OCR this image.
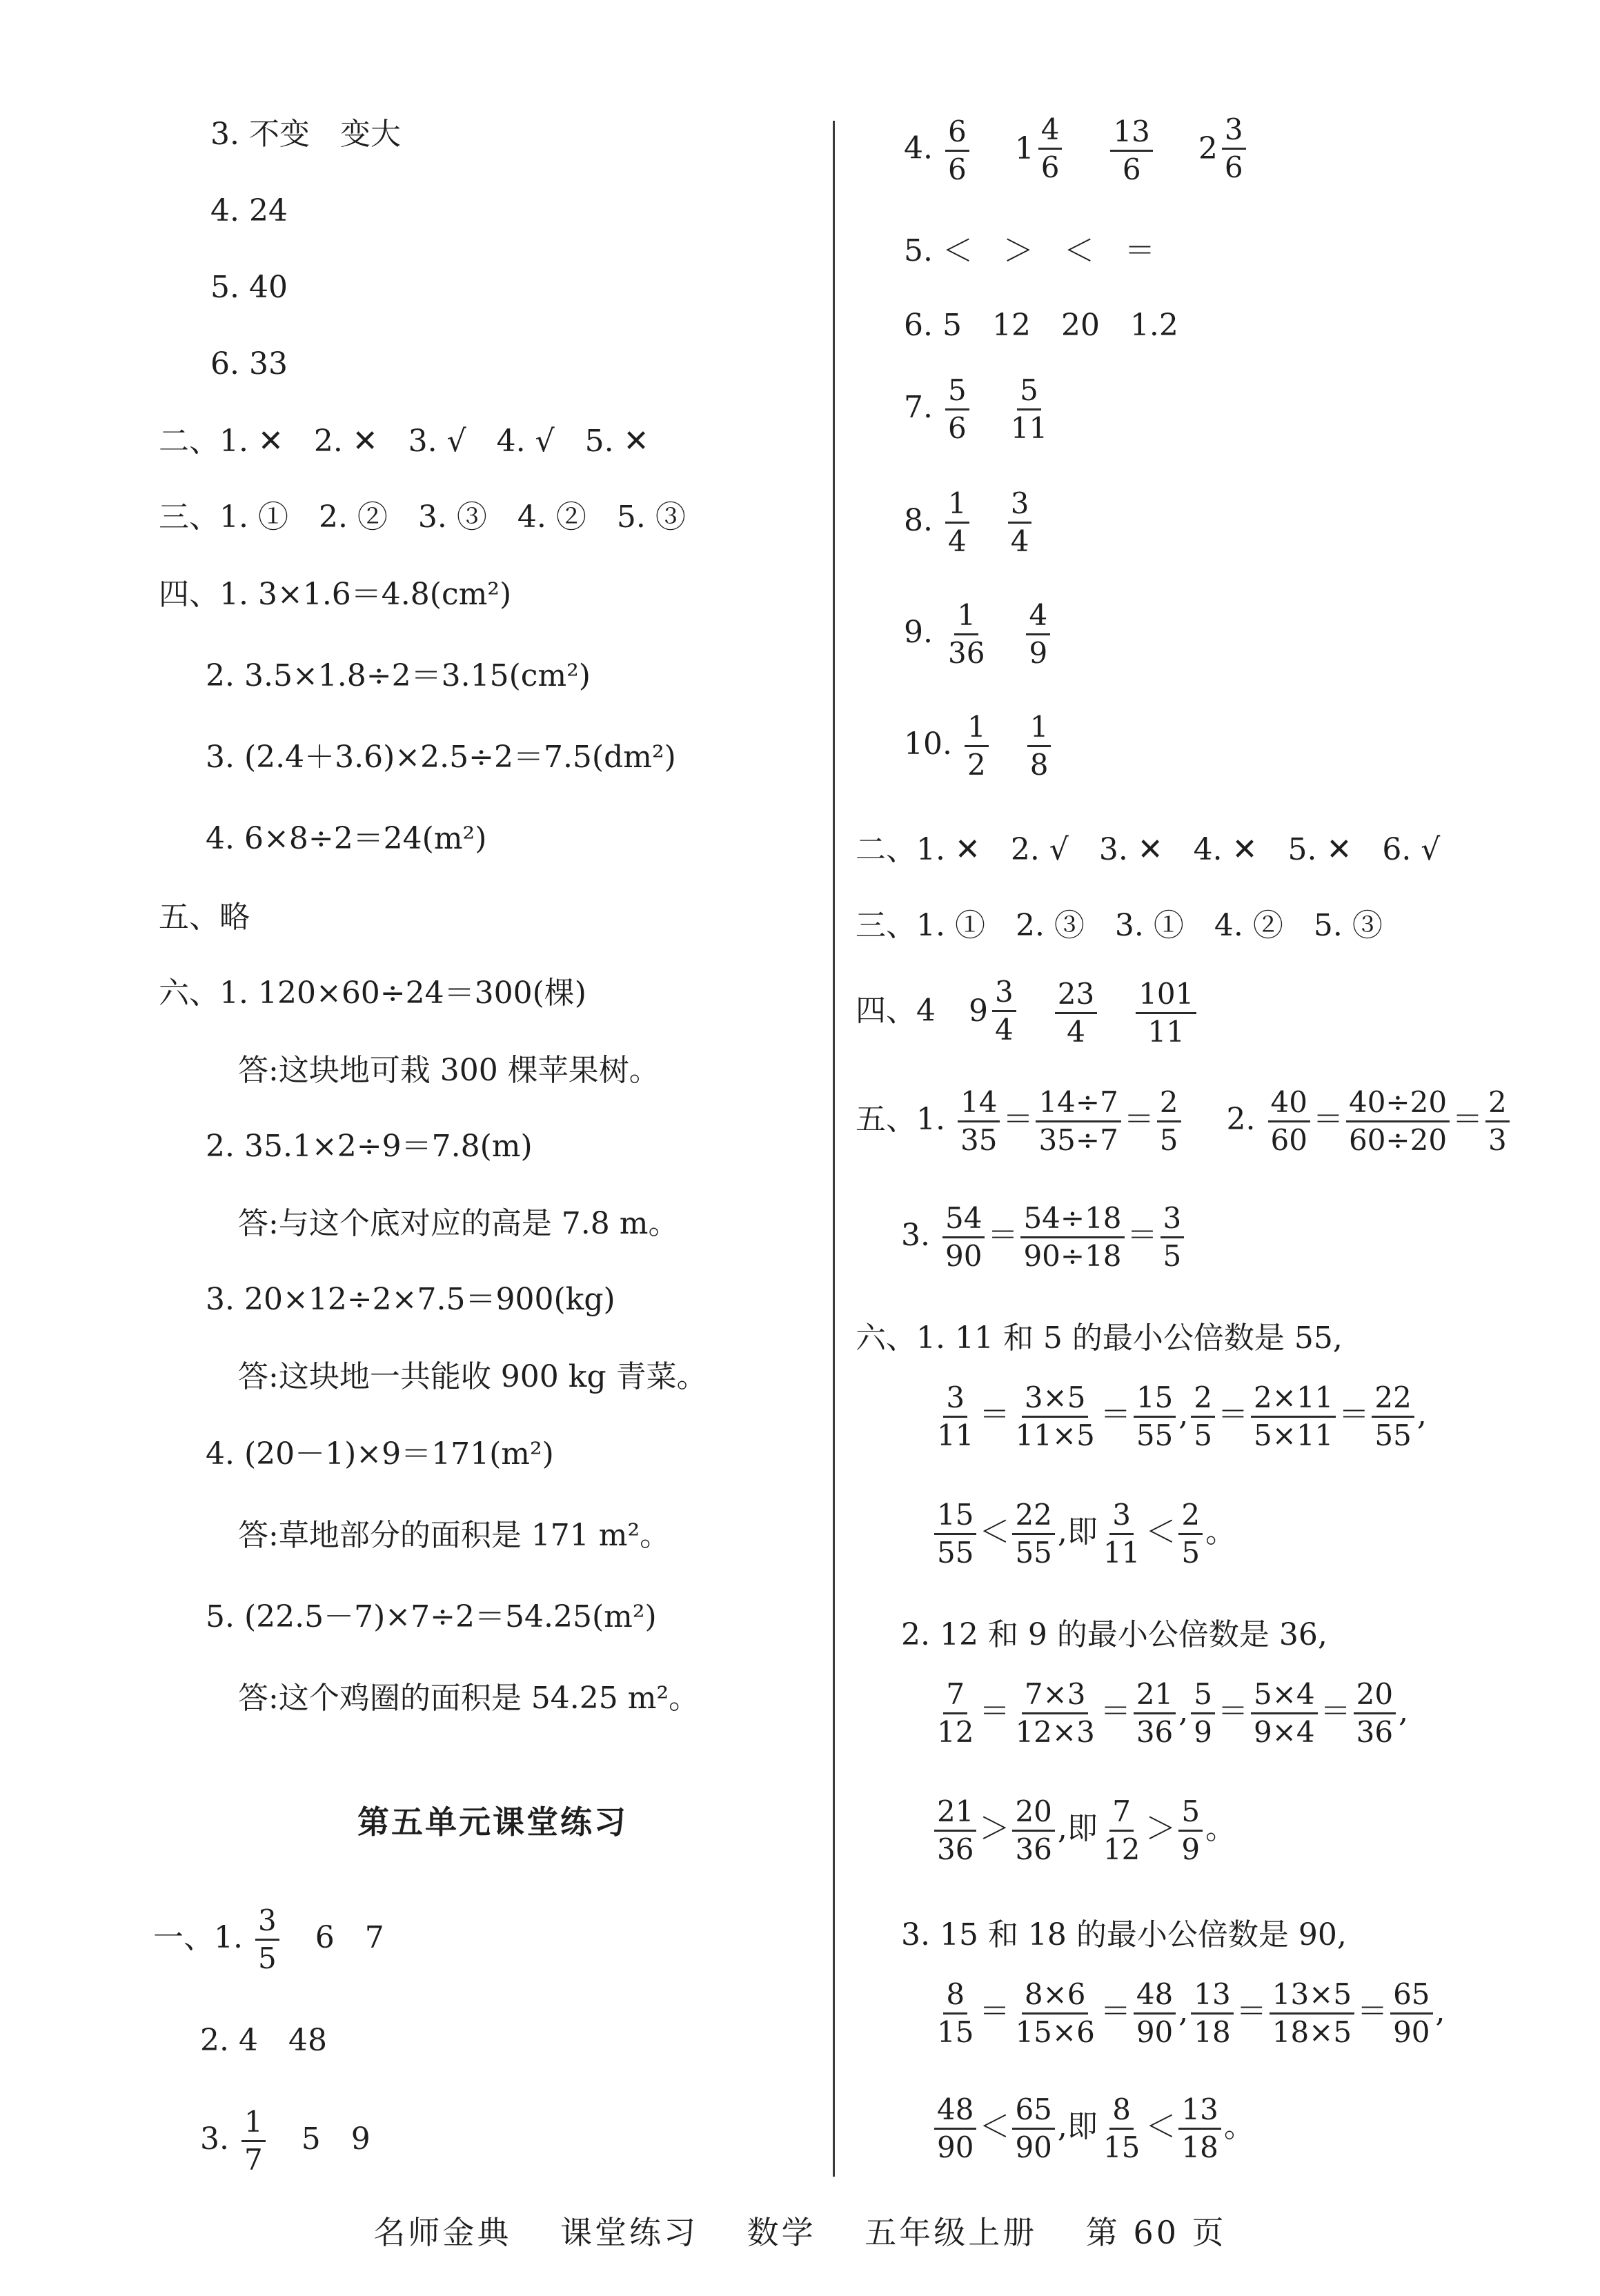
3. 不变　变大
4. 24
5. 40
6. 33
二、1. ✕　2. ✕　3. √　4. √　5. ✕
三、1. ①　2. ②　3. ③　4. ②　5. ③
四、1. 3×1.6＝4.8(cm²)
2. 3.5×1.8÷2＝3.15(cm²)
3. (2.4＋3.6)×2.5÷2＝7.5(dm²)
4. 6×8÷2＝24(m²)
五、略
六、1. 120×60÷24＝300(棵)
答:这块地可栽 300 棵苹果树。
2. 35.1×2÷9＝7.8(m)
答:与这个底对应的高是 7.8 m。
3. 20×12÷2×7.5＝900(kg)
答:这块地一共能收 900 kg 青菜。
4. (20－1)×9＝171(m²)
答:草地部分的面积是 171 m²。
5. (22.5－7)×7÷2＝54.25(m²)
答:这个鸡圈的面积是 54.25 m²。
第五单元课堂练习
一、1. $\frac{3}{5} 6$　7
2. 4　48
3. $\frac{1}{7} 5$　9
4. $\frac{6}{6}$
$1 \frac{4}{6}$
$\frac{13}{6}$
$2 \frac{3}{6}$
5. ＜　＞　＜　＝
6. 5　12　20　1.2
7. $\frac{5}{6}$
$\frac{5}{11}$
8. $\frac{1}{4}$
$\frac{3}{4}$
9. $\frac{1}{36}$
$\frac{4}{9}$
10. $\frac{1}{2}$
$\frac{1}{8}$
二、1. ✕　2. √　3. ✕　4. ✕　5. ✕　6. √
三、1. ①　2. ③　3. ①　4. ②　5. ③
四、4 $9 \frac{3}{4}$
$\frac{23}{4}$
$\frac{101}{11}$
五、1. $\frac{14}{35} = \frac{14\div 7}{35\div 7} = \frac{2}{5} 2$. $\frac{40}{60} = \frac{40\div 20}{60\div 20} = \frac{2}{3}$
3. $\frac{54}{90} = \frac{54\div 18}{90\div 18} = \frac{3}{5}$
六、1. 11 和 5 的最小公倍数是 55,
$\frac{3}{11} = \frac{3\times 5}{11\times 5} = \frac{15}{55}$ , $\frac{2}{5} = \frac{2\times 11}{5\times 11} = \frac{22}{55}$ ,
$\frac{15}{55} < \frac{22}{55}$ ,即 $\frac{3}{11} < \frac{2}{5}$ 。
2. 12 和 9 的最小公倍数是 36,
$\frac{7}{12} = \frac{7\times 3}{12\times 3} = \frac{21}{36}$ , $\frac{5}{9} = \frac{5\times 4}{9\times 4} = \frac{20}{36}$ ,
$\frac{21}{36} > \frac{20}{36}$ ,即 $\frac{7}{12} > \frac{5}{9}$ 。
3. 15 和 18 的最小公倍数是 90,
$\frac{8}{15} = \frac{8\times 6}{15\times 6} = \frac{48}{90}$ , $\frac{13}{18} = \frac{13\times 5}{18\times 5} = \frac{65}{90}$ ,
$\frac{48}{90} < \frac{65}{90}$ ,即 $\frac{8}{15} < \frac{13}{18}$ 。
名师金典 课堂练习 数学 五年级上册 第 60 页
